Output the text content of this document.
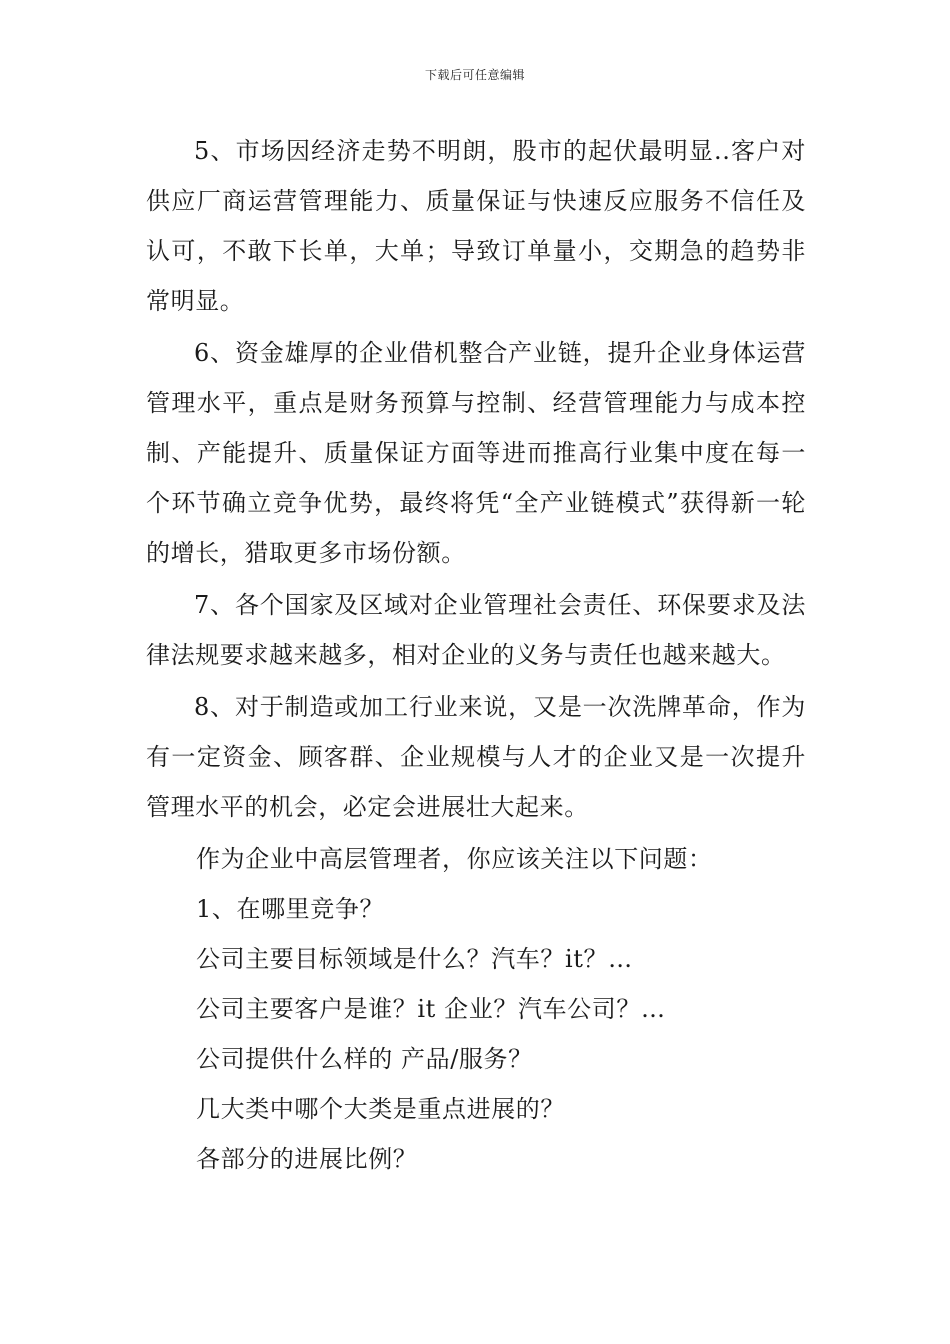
下载后可任意编辑

5、市场因经济走势不明朗，股市的起伏最明显..客户对供应厂商运营管理能力、质量保证与快速反应服务不信任及认可，不敢下长单，大单；导致订单量小，交期急的趋势非常明显。

6、资金雄厚的企业借机整合产业链，提升企业身体运营管理水平，重点是财务预算与控制、经营管理能力与成本控制、产能提升、质量保证方面等进而推高行业集中度在每一个环节确立竞争优势，最终将凭“全产业链模式”获得新一轮的增长，猎取更多市场份额。

7、各个国家及区域对企业管理社会责任、环保要求及法律法规要求越来越多，相对企业的义务与责任也越来越大。

8、对于制造或加工行业来说，又是一次洗牌革命，作为有一定资金、顾客群、企业规模与人才的企业又是一次提升管理水平的机会，必定会进展壮大起来。

作为企业中高层管理者，你应该关注以下问题：

1、在哪里竞争？

公司主要目标领域是什么？汽车？it？…

公司主要客户是谁？it 企业？汽车公司？…

公司提供什么样的 产品/服务？

几大类中哪个大类是重点进展的？

各部分的进展比例？
